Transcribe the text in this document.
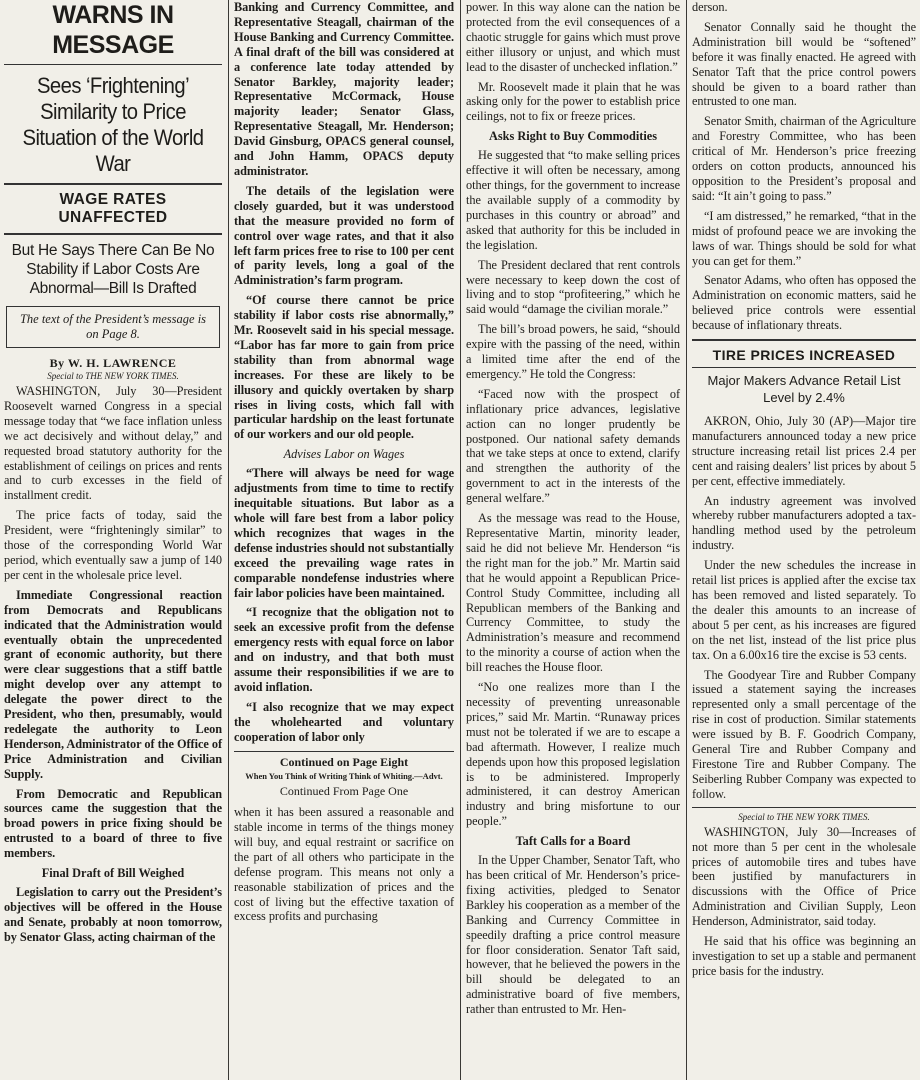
WARNS IN MESSAGE
Sees ‘Frightening’ Similarity to Price Situation of the World War
WAGE RATES UNAFFECTED
But He Says There Can Be No Stability if Labor Costs Are Abnormal—Bill Is Drafted
The text of the President’s message is on Page 8.
By W. H. LAWRENCE
Special to THE NEW YORK TIMES.

WASHINGTON, July 30—President Roosevelt warned Congress in a special message today that “we face inflation unless we act decisively and without delay,” and requested broad statutory authority for the establishment of ceilings on prices and rents and to curb excesses in the field of installment credit.

The price facts of today, said the President, were “frighteningly similar” to those of the corresponding World War period, which eventually saw a jump of 140 per cent in the wholesale price level.

Immediate Congressional reaction from Democrats and Republicans indicated that the Administration would eventually obtain the unprecedented grant of economic authority, but there were clear suggestions that a stiff battle might develop over any attempt to delegate the power direct to the President, who then, presumably, would redelegate the authority to Leon Henderson, Administrator of the Office of Price Administration and Civilian Supply.

From Democratic and Republican sources came the suggestion that the broad powers in price fixing should be entrusted to a board of three to five members.

Final Draft of Bill Weighed

Legislation to carry out the President’s objectives will be offered in the House and Senate, probably at noon tomorrow, by Senator Glass, acting chairman of the

Banking and Currency Committee, and Representative Steagall, chairman of the House Banking and Currency Committee. A final draft of the bill was considered at a conference late today attended by Senator Barkley, majority leader; Representative McCormack, House majority leader; Senator Glass, Representative Steagall, Mr. Henderson; David Ginsburg, OPACS general counsel, and John Hamm, OPACS deputy administrator.

The details of the legislation were closely guarded, but it was understood that the measure provided no form of control over wage rates, and that it also left farm prices free to rise to 100 per cent of parity levels, long a goal of the Administration’s farm program.

“Of course there cannot be price stability if labor costs rise abnormally,” Mr. Roosevelt said in his special message. “Labor has far more to gain from price stability than from abnormal wage increases. For these are likely to be illusory and quickly overtaken by sharp rises in living costs, which fall with particular hardship on the least fortunate of our workers and our old people.

Advises Labor on Wages

“There will always be need for wage adjustments from time to time to rectify inequitable situations. But labor as a whole will fare best from a labor policy which recognizes that wages in the defense industries should not substantially exceed the prevailing wage rates in comparable nondefense industries where fair labor policies have been maintained.

“I recognize that the obligation not to seek an excessive profit from the defense emergency rests with equal force on labor and on industry, and that both must assume their responsibilities if we are to avoid inflation.

“I also recognize that we may expect the wholehearted and voluntary cooperation of labor only

Continued on Page Eight
When You Think of Writing Think of Whiting.—Advt.
Continued From Page One

when it has been assured a reasonable and stable income in terms of the things money will buy, and equal restraint or sacrifice on the part of all others who participate in the defense program. This means not only a reasonable stabilization of prices and the cost of living but the effective taxation of excess profits and purchasing

power. In this way alone can the nation be protected from the evil consequences of a chaotic struggle for gains which must prove either illusory or unjust, and which must lead to the disaster of unchecked inflation.”

Mr. Roosevelt made it plain that he was asking only for the power to establish price ceilings, not to fix or freeze prices.

Asks Right to Buy Commodities

He suggested that “to make selling prices effective it will often be necessary, among other things, for the government to increase the available supply of a commodity by purchases in this country or abroad” and asked that authority for this be included in the legislation.

The President declared that rent controls were necessary to keep down the cost of living and to stop “profiteering,” which he said would “damage the civilian morale.”

The bill’s broad powers, he said, “should expire with the passing of the need, within a limited time after the end of the emergency.” He told the Congress:

“Faced now with the prospect of inflationary price advances, legislative action can no longer prudently be postponed. Our national safety demands that we take steps at once to extend, clarify and strengthen the authority of the government to act in the interests of the general welfare.”

As the message was read to the House, Representative Martin, minority leader, said he did not believe Mr. Henderson “is the right man for the job.” Mr. Martin said that he would appoint a Republican Price-Control Study Committee, including all Republican members of the Banking and Currency Committee, to study the Administration’s measure and recommend to the minority a course of action when the bill reaches the House floor.

“No one realizes more than I the necessity of preventing unreasonable prices,” said Mr. Martin. “Runaway prices must not be tolerated if we are to escape a bad aftermath. However, I realize much depends upon how this proposed legislation is to be administered. Improperly administered, it can destroy American industry and bring misfortune to our people.”

Taft Calls for a Board

In the Upper Chamber, Senator Taft, who has been critical of Mr. Henderson’s price-fixing activities, pledged to Senator Barkley his cooperation as a member of the Banking and Currency Committee in speedily drafting a price control measure for floor consideration. Senator Taft said, however, that he believed the powers in the bill should be delegated to an administrative board of five members, rather than entrusted to Mr. Hen-

derson.

Senator Connally said he thought the Administration bill would be “softened” before it was finally enacted. He agreed with Senator Taft that the price control powers should be given to a board rather than entrusted to one man.

Senator Smith, chairman of the Agriculture and Forestry Committee, who has been critical of Mr. Henderson’s price freezing orders on cotton products, announced his opposition to the President’s proposal and said: “It ain’t going to pass.”

“I am distressed,” he remarked, “that in the midst of profound peace we are invoking the laws of war. Things should be sold for what you can get for them.”

Senator Adams, who often has opposed the Administration on economic matters, said he believed price controls were essential because of inflationary threats.

TIRE PRICES INCREASED
Major Makers Advance Retail List Level by 2.4%

AKRON, Ohio, July 30 (AP)—Major tire manufacturers announced today a new price structure increasing retail list prices 2.4 per cent and raising dealers’ list prices by about 5 per cent, effective immediately.

An industry agreement was involved whereby rubber manufacturers adopted a tax-handling method used by the petroleum industry.

Under the new schedules the increase in retail list prices is applied after the excise tax has been removed and listed separately. To the dealer this amounts to an increase of about 5 per cent, as his increases are figured on the net list, instead of the list price plus tax. On a 6.00x16 tire the excise is 53 cents.

The Goodyear Tire and Rubber Company issued a statement saying the increases represented only a small percentage of the rise in cost of production. Similar statements were issued by B. F. Goodrich Company, General Tire and Rubber Company and Firestone Tire and Rubber Company. The Seiberling Rubber Company was expected to follow.

Special to THE NEW YORK TIMES.

WASHINGTON, July 30—Increases of not more than 5 per cent in the wholesale prices of automobile tires and tubes have been justified by manufacturers in discussions with the Office of Price Administration and Civilian Supply, Leon Henderson, Administrator, said today.

He said that his office was beginning an investigation to set up a stable and permanent price basis for the industry.
